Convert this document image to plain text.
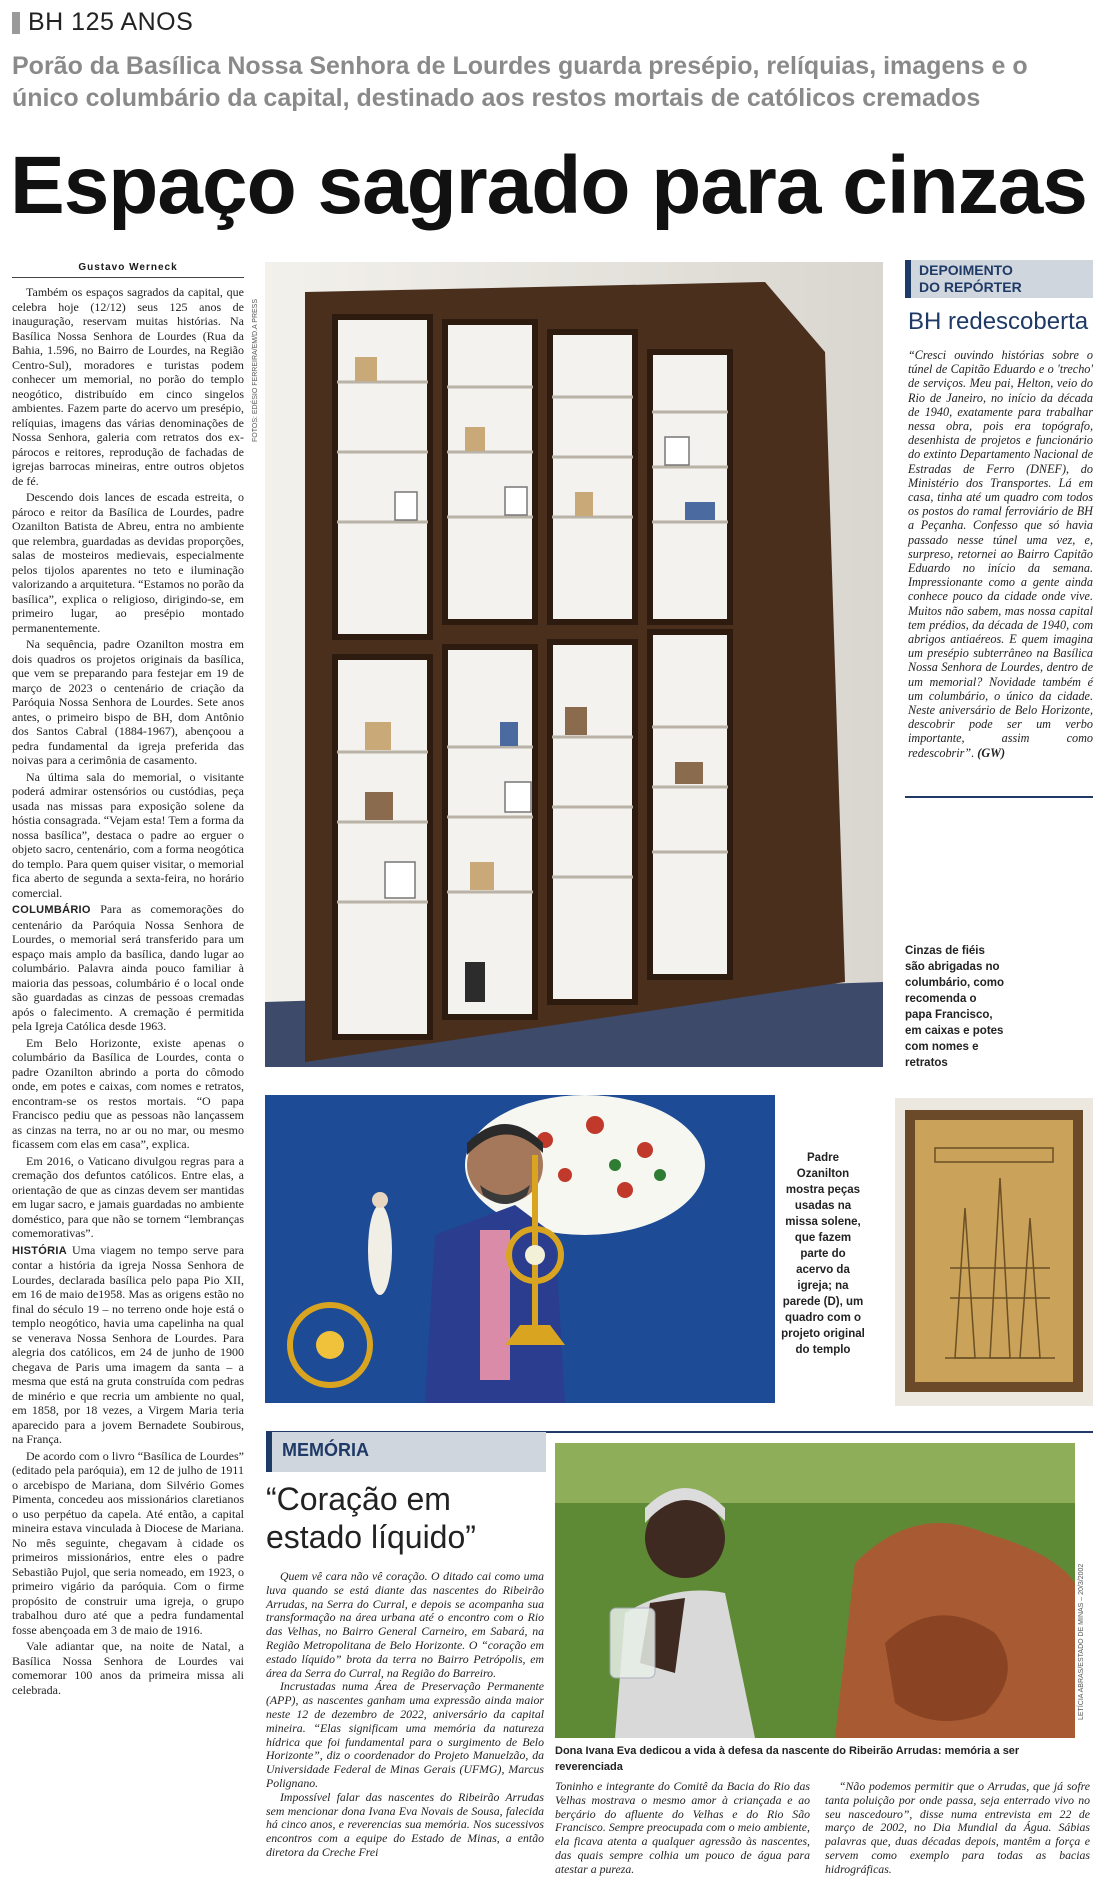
BH 125 ANOS
Porão da Basílica Nossa Senhora de Lourdes guarda presépio, relíquias, imagens e o único columbário da capital, destinado aos restos mortais de católicos cremados
Espaço sagrado para cinzas
Gustavo Werneck

Também os espaços sagrados da capital, que celebra hoje (12/12) seus 125 anos de inauguração, reservam muitas histórias. Na Basílica Nossa Senhora de Lourdes (Rua da Bahia, 1.596, no Bairro de Lourdes, na Região Centro-Sul), moradores e turistas podem conhecer um memorial, no porão do templo neogótico, distribuído em cinco singelos ambientes. Fazem parte do acervo um presépio, relíquias, imagens das várias denominações de Nossa Senhora, galeria com retratos dos ex-párocos e reitores, reprodução de fachadas de igrejas barrocas mineiras, entre outros objetos de fé.

Descendo dois lances de escada estreita, o pároco e reitor da Basílica de Lourdes, padre Ozanilton Batista de Abreu, entra no ambiente que relembra, guardadas as devidas proporções, salas de mosteiros medievais, especialmente pelos tijolos aparentes no teto e iluminação valorizando a arquitetura. “Estamos no porão da basílica”, explica o religioso, dirigindo-se, em primeiro lugar, ao presépio montado permanentemente.

Na sequência, padre Ozanilton mostra em dois quadros os projetos originais da basílica, que vem se preparando para festejar em 19 de março de 2023 o centenário de criação da Paróquia Nossa Senhora de Lourdes. Sete anos antes, o primeiro bispo de BH, dom Antônio dos Santos Cabral (1884-1967), abençoou a pedra fundamental da igreja preferida das noivas para a cerimônia de casamento.

Na última sala do memorial, o visitante poderá admirar ostensórios ou custódias, peça usada nas missas para exposição solene da hóstia consagrada. “Vejam esta! Tem a forma da nossa basílica”, destaca o padre ao erguer o objeto sacro, centenário, com a forma neogótica do templo. Para quem quiser visitar, o memorial fica aberto de segunda a sexta-feira, no horário comercial.

COLUMBÁRIO Para as comemorações do centenário da Paróquia Nossa Senhora de Lourdes, o memorial será transferido para um espaço mais amplo da basílica, dando lugar ao columbário. Palavra ainda pouco familiar à maioria das pessoas, columbário é o local onde são guardadas as cinzas de pessoas cremadas após o falecimento. A cremação é permitida pela Igreja Católica desde 1963.

Em Belo Horizonte, existe apenas o columbário da Basílica de Lourdes, conta o padre Ozanilton abrindo a porta do cômodo onde, em potes e caixas, com nomes e retratos, encontram-se os restos mortais. “O papa Francisco pediu que as pessoas não lançassem as cinzas na terra, no ar ou no mar, ou mesmo ficassem com elas em casa”, explica.

Em 2016, o Vaticano divulgou regras para a cremação dos defuntos católicos. Entre elas, a orientação de que as cinzas devem ser mantidas em lugar sacro, e jamais guardadas no ambiente doméstico, para que não se tornem “lembranças comemorativas”.

HISTÓRIA Uma viagem no tempo serve para contar a história da igreja Nossa Senhora de Lourdes, declarada basílica pelo papa Pio XII, em 16 de maio de1958. Mas as origens estão no final do século 19 – no terreno onde hoje está o templo neogótico, havia uma capelinha na qual se venerava Nossa Senhora de Lourdes. Para alegria dos católicos, em 24 de junho de 1900 chegava de Paris uma imagem da santa – a mesma que está na gruta construída com pedras de minério e que recria um ambiente no qual, em 1858, por 18 vezes, a Virgem Maria teria aparecido para a jovem Bernadete Soubirous, na França.

De acordo com o livro “Basílica de Lourdes” (editado pela paróquia), em 12 de julho de 1911 o arcebispo de Mariana, dom Silvério Gomes Pimenta, concedeu aos missionários claretianos o uso perpétuo da capela. Até então, a capital mineira estava vinculada à Diocese de Mariana. No mês seguinte, chegavam à cidade os primeiros missionários, entre eles o padre Sebastião Pujol, que seria nomeado, em 1923, o primeiro vigário da paróquia. Com o firme propósito de construir uma igreja, o grupo trabalhou duro até que a pedra fundamental fosse abençoada em 3 de maio de 1916.

Vale adiantar que, na noite de Natal, a Basílica Nossa Senhora de Lourdes vai comemorar 100 anos da primeira missa ali celebrada.

FOTOS: EDÉSIO FERREIRA/EM/D.A PRESS
Cinzas de fiéis são abrigadas no columbário, como recomenda o papa Francisco, em caixas e potes com nomes e retratos
DEPOIMENTO
DO REPÓRTER
BH redescoberta
“Cresci ouvindo histórias sobre o túnel de Capitão Eduardo e o 'trecho' de serviços. Meu pai, Helton, veio do Rio de Janeiro, no início da década de 1940, exatamente para trabalhar nessa obra, pois era topógrafo, desenhista de projetos e funcionário do extinto Departamento Nacional de Estradas de Ferro (DNEF), do Ministério dos Transportes. Lá em casa, tinha até um quadro com todos os postos do ramal ferroviário de BH a Peçanha. Confesso que só havia passado nesse túnel uma vez, e, surpreso, retornei ao Bairro Capitão Eduardo no início da semana. Impressionante como a gente ainda conhece pouco da cidade onde vive. Muitos não sabem, mas nossa capital tem prédios, da década de 1940, com abrigos antiaéreos. E quem imagina um presépio subterrâneo na Basílica Nossa Senhora de Lourdes, dentro de um memorial? Novidade também é um columbário, o único da cidade. Neste aniversário de Belo Horizonte, descobrir pode ser um verbo importante, assim como redescobrir”. (GW)
Padre Ozanilton mostra peças usadas na missa solene, que fazem parte do acervo da igreja; na parede (D), um quadro com o projeto original do templo
MEMÓRIA
“Coração em estado líquido”

Quem vê cara não vê coração. O ditado cai como uma luva quando se está diante das nascentes do Ribeirão Arrudas, na Serra do Curral, e depois se acompanha sua transformação na área urbana até o encontro com o Rio das Velhas, no Bairro General Carneiro, em Sabará, na Região Metropolitana de Belo Horizonte. O “coração em estado líquido” brota da terra no Bairro Petrópolis, em área da Serra do Curral, na Região do Barreiro.

Incrustadas numa Área de Preservação Permanente (APP), as nascentes ganham uma expressão ainda maior neste 12 de dezembro de 2022, aniversário da capital mineira. “Elas significam uma memória da natureza hídrica que foi fundamental para o surgimento de Belo Horizonte”, diz o coordenador do Projeto Manuelzão, da Universidade Federal de Minas Gerais (UFMG), Marcus Polignano.

Impossível falar das nascentes do Ribeirão Arrudas sem mencionar dona Ivana Eva Novais de Sousa, falecida há cinco anos, e reverencias sua memória. Nos sucessivos encontros com a equipe do Estado de Minas, a então diretora da Creche Frei

LETÍCIA ABRAS/ESTADO DE MINAS – 20/3/2002
Dona Ivana Eva dedicou a vida à defesa da nascente do Ribeirão Arrudas: memória a ser reverenciada

Toninho e integrante do Comitê da Bacia do Rio das Velhas mostrava o mesmo amor à criançada e ao berçário do afluente do Velhas e do Rio São Francisco. Sempre preocupada com o meio ambiente, ela ficava atenta a qualquer agressão às nascentes, das quais sempre colhia um pouco de água para atestar a pureza.

“Não podemos permitir que o Arrudas, que já sofre tanta poluição por onde passa, seja enterrado vivo no seu nascedouro”, disse numa entrevista em 22 de março de 2002, no Dia Mundial da Água. Sábias palavras que, duas décadas depois, mantêm a força e servem como exemplo para todas as bacias hidrográficas.
